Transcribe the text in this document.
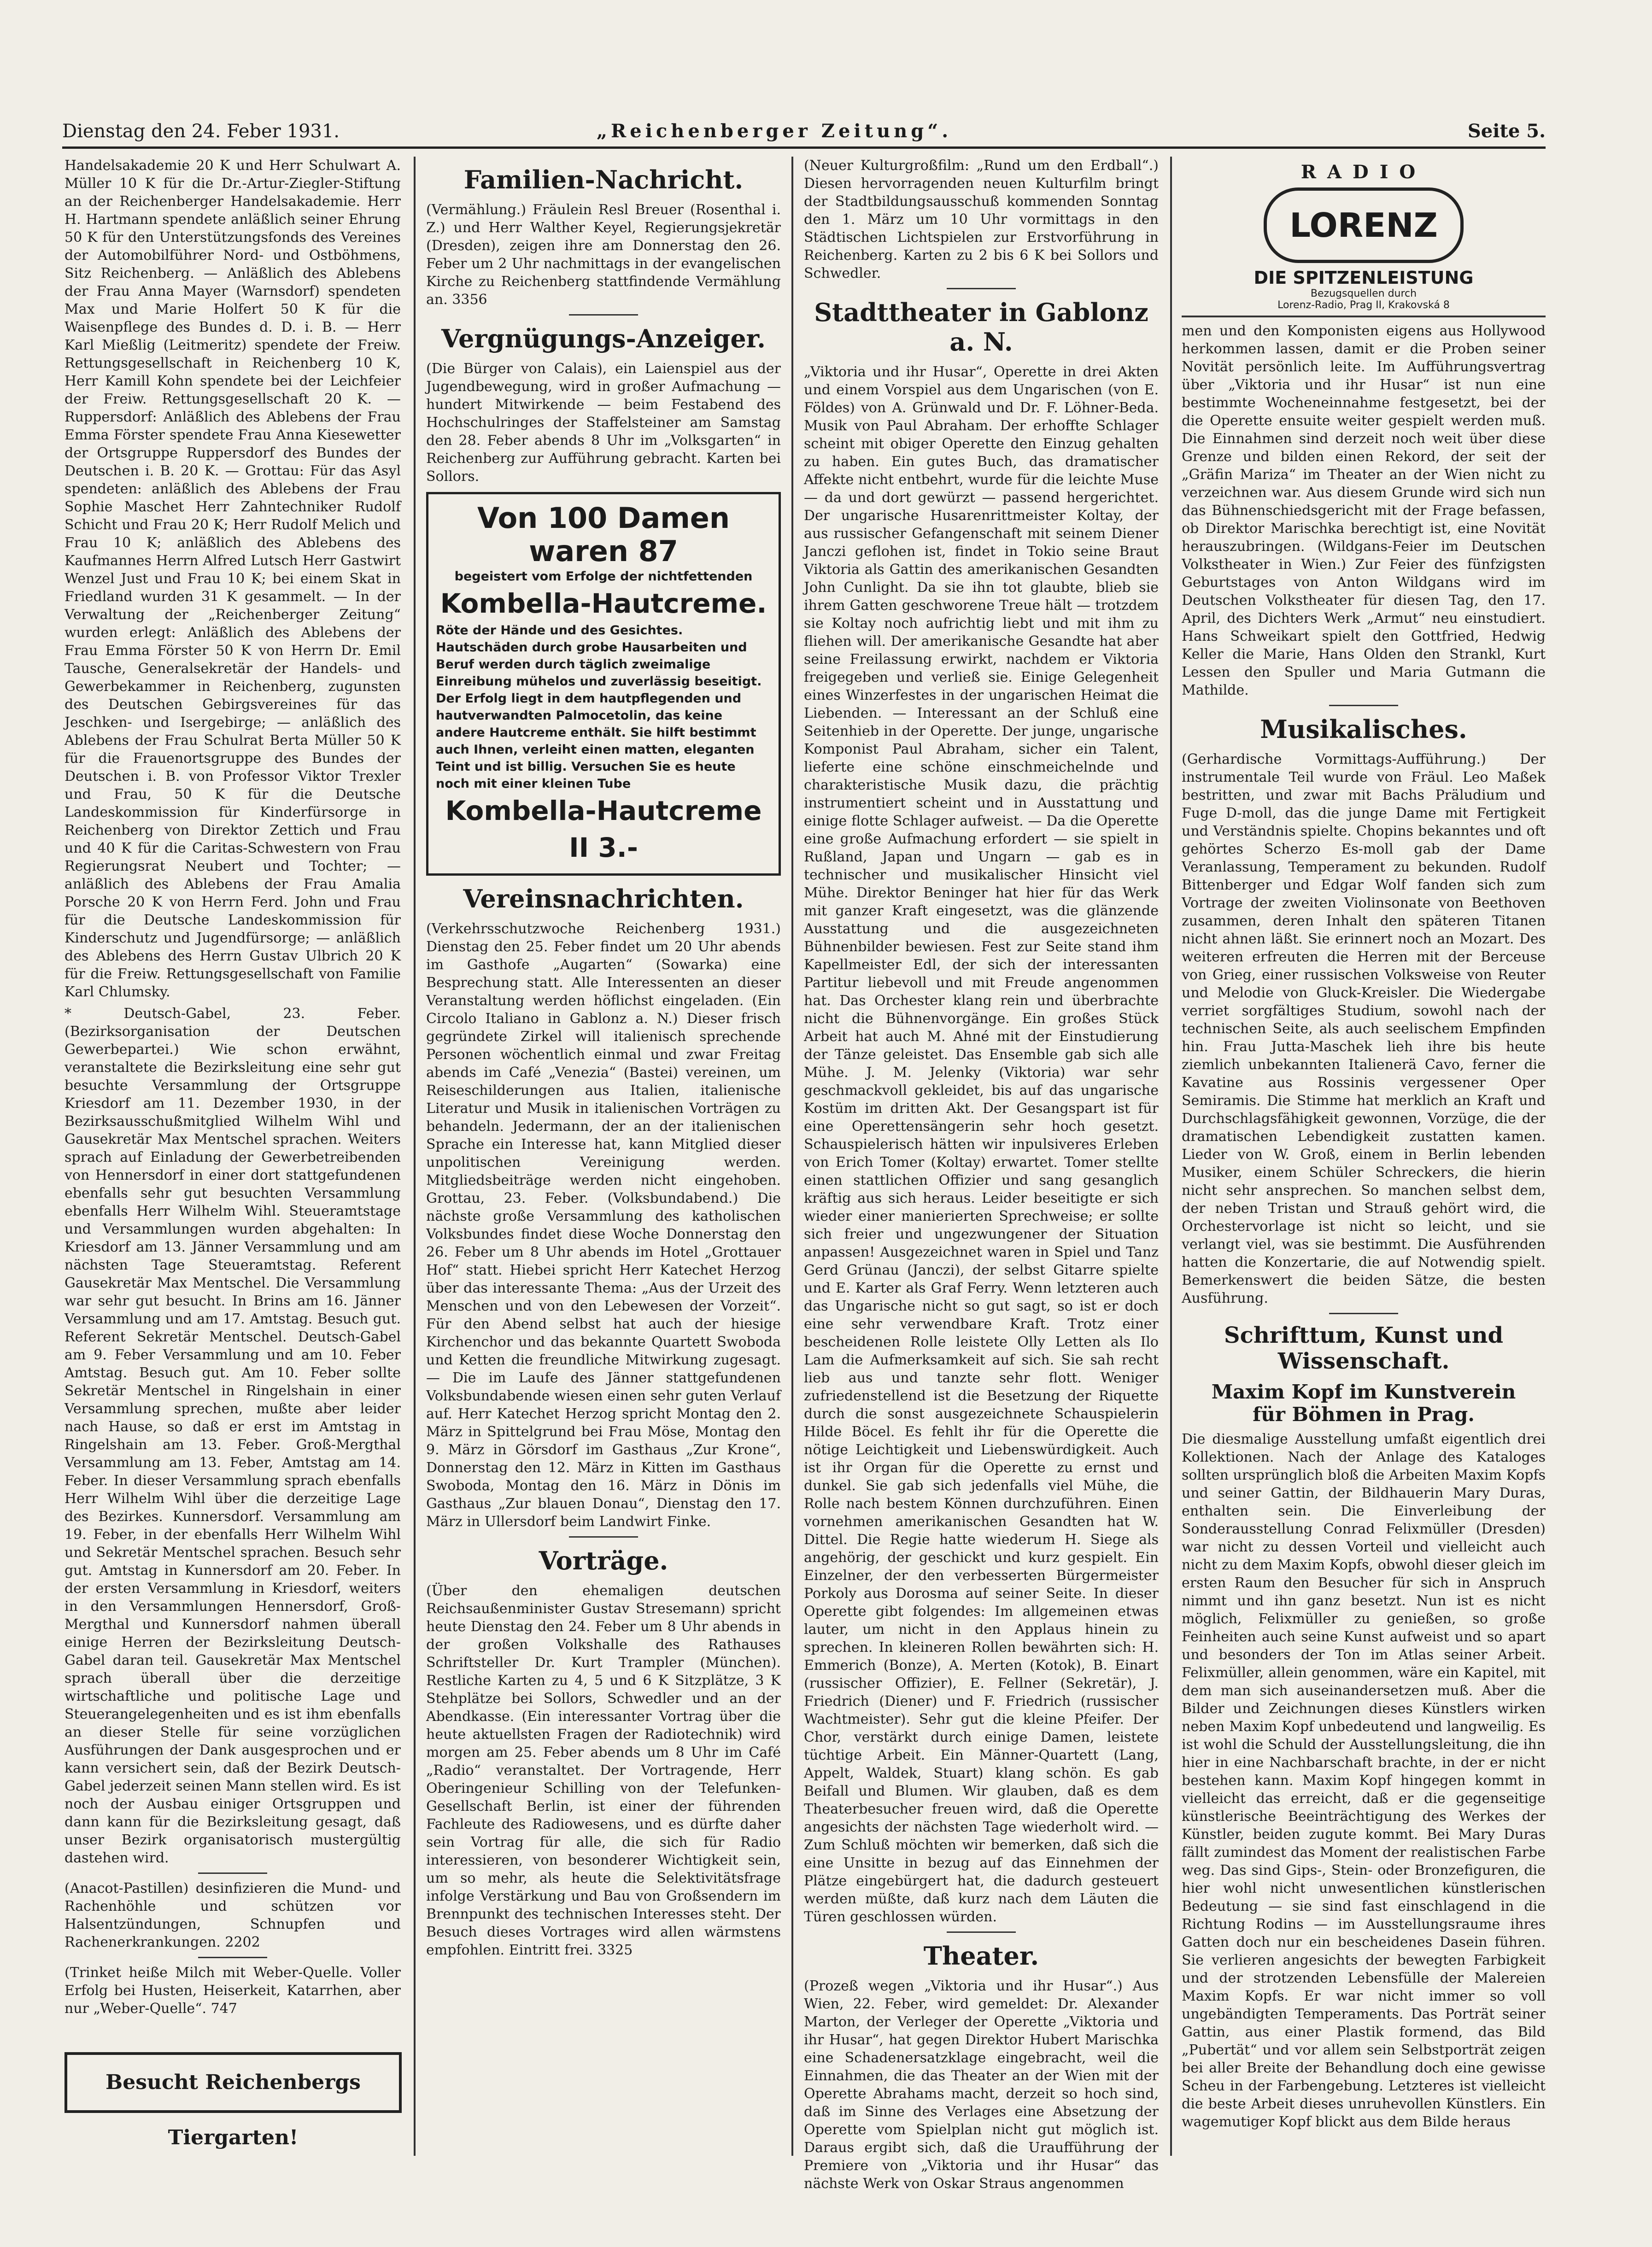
Dienstag den 24. Feber 1931.	„Reichenberger Zeitung“.	Seite 5.

Handelsakademie 20 K und Herr Schulwart A. Müller 10 K für die Dr.-Artur-Ziegler-Stiftung an der Reichenberger Handelsakademie. Herr H. Hartmann spendete anläßlich seiner Ehrung 50 K für den Unterstützungsfonds des Vereines der Automobilführer Nord- und Ostböhmens, Sitz Reichenberg. — Anläßlich des Ablebens der Frau Anna Mayer (Warnsdorf) spendeten Max und Marie Holfert 50 K für die Waisenpflege des Bundes d. D. i. B. — Herr Karl Mießlig (Leitmeritz) spendete der Freiw. Rettungsgesellschaft in Reichenberg 10 K, Herr Kamill Kohn spendete bei der Leichfeier der Freiw. Rettungsgesellschaft 20 K. — Ruppersdorf: Anläßlich des Ablebens der Frau Emma Förster spendete Frau Anna Kiesewetter der Ortsgruppe Ruppersdorf des Bundes der Deutschen i. B. 20 K. — Grottau: Für das Asyl spendeten: anläßlich des Ablebens der Frau Sophie Maschet Herr Zahntechniker Rudolf Schicht und Frau 20 K; Herr Rudolf Melich und Frau 10 K; anläßlich des Ablebens des Kaufmannes Herrn Alfred Lutsch Herr Gastwirt Wenzel Just und Frau 10 K; bei einem Skat in Friedland wurden 31 K gesammelt. — In der Verwaltung der „Reichenberger Zeitung“ wurden erlegt: Anläßlich des Ablebens der Frau Emma Förster 50 K von Herrn Dr. Emil Tausche, Generalsekretär der Handels- und Gewerbekammer in Reichenberg, zugunsten des Deutschen Gebirgsvereines für das Jeschken- und Isergebirge; — anläßlich des Ablebens der Frau Schulrat Berta Müller 50 K für die Frauenortsgruppe des Bundes der Deutschen i. B. von Professor Viktor Trexler und Frau, 50 K für die Deutsche Landeskommission für Kinderfürsorge in Reichenberg von Direktor Zettich und Frau und 40 K für die Caritas-Schwestern von Frau Regierungsrat Neubert und Tochter; — anläßlich des Ablebens der Frau Amalia Porsche 20 K von Herrn Ferd. John und Frau für die Deutsche Landeskommission für Kinderschutz und Jugendfürsorge; — anläßlich des Ablebens des Herrn Gustav Ulbrich 20 K für die Freiw. Rettungsgesellschaft von Familie Karl Chlumsky.

* Deutsch-Gabel, 23. Feber. (Bezirksorganisation der Deutschen Gewerbepartei.) Wie schon erwähnt, veranstaltete die Bezirksleitung eine sehr gut besuchte Versammlung der Ortsgruppe Kriesdorf am 11. Dezember 1930, in der Bezirksausschußmitglied Wilhelm Wihl und Gausekretär Max Mentschel sprachen. Weiters sprach auf Einladung der Gewerbetreibenden von Hennersdorf in einer dort stattgefundenen ebenfalls sehr gut besuchten Versammlung ebenfalls Herr Wilhelm Wihl. Steueramtstage und Versammlungen wurden abgehalten: In Kriesdorf am 13. Jänner Versammlung und am nächsten Tage Steueramtstag. Referent Gausekretär Max Mentschel. Die Versammlung war sehr gut besucht. In Brins am 16. Jänner Versammlung und am 17. Amtstag. Besuch gut. Referent Sekretär Mentschel. Deutsch-Gabel am 9. Feber Versammlung und am 10. Feber Amtstag. Besuch gut. Am 10. Feber sollte Sekretär Mentschel in Ringelshain in einer Versammlung sprechen, mußte aber leider nach Hause, so daß er erst im Amtstag in Ringelshain am 13. Feber. Groß-Mergthal Versammlung am 13. Feber, Amtstag am 14. Feber. In dieser Versammlung sprach ebenfalls Herr Wilhelm Wihl über die derzeitige Lage des Bezirkes. Kunnersdorf. Versammlung am 19. Feber, in der ebenfalls Herr Wilhelm Wihl und Sekretär Mentschel sprachen. Besuch sehr gut. Amtstag in Kunnersdorf am 20. Feber. In der ersten Versammlung in Kriesdorf, weiters in den Versammlungen Hennersdorf, Groß-Mergthal und Kunnersdorf nahmen überall einige Herren der Bezirksleitung Deutsch-Gabel daran teil. Gausekretär Max Mentschel sprach überall über die derzeitige wirtschaftliche und politische Lage und Steuerangelegenheiten und es ist ihm ebenfalls an dieser Stelle für seine vorzüglichen Ausführungen der Dank ausgesprochen und er kann versichert sein, daß der Bezirk Deutsch-Gabel jederzeit seinen Mann stellen wird. Es ist noch der Ausbau einiger Ortsgruppen und dann kann für die Bezirksleitung gesagt, daß unser Bezirk organisatorisch mustergültig dastehen wird.

(Anacot-Pastillen) desinfizieren die Mund- und Rachenhöhle und schützen vor Halsentzündungen, Schnupfen und Rachenerkrankungen. 2202

(Trinket heiße Milch mit Weber-Quelle. Voller Erfolg bei Husten, Heiserkeit, Katarrhen, aber nur „Weber-Quelle“. 747

Besucht Reichenbergs Tiergarten!
Familien-Nachricht.

(Vermählung.) Fräulein Resl Breuer (Rosenthal i. Z.) und Herr Walther Keyel, Regierungsjekretär (Dresden), zeigen ihre am Donnerstag den 26. Feber um 2 Uhr nachmittags in der evangelischen Kirche zu Reichenberg stattfindende Vermählung an. 3356

Vergnügungs-Anzeiger.

(Die Bürger von Calais), ein Laienspiel aus der Jugendbewegung, wird in großer Aufmachung — hundert Mitwirkende — beim Festabend des Hochschulringes der Staffelsteiner am Samstag den 28. Feber abends 8 Uhr im „Volksgarten“ in Reichenberg zur Aufführung gebracht. Karten bei Sollors.

Von 100 Damen waren 87
begeistert vom Erfolge der nichtfettenden
Kombella-Hautcreme.
Röte der Hände und des Gesichtes. Hautschäden durch grobe Hausarbeiten und Beruf werden durch täglich zweimalige Einreibung mühelos und zuverlässig beseitigt. Der Erfolg liegt in dem hautpflegenden und hautverwandten Palmocetolin, das keine andere Hautcreme enthält. Sie hilft bestimmt auch Ihnen, verleiht einen matten, eleganten Teint und ist billig. Versuchen Sie es heute noch mit einer kleinen Tube
Kombella-Hautcreme II 3.-
Vereinsnachrichten.

(Verkehrsschutzwoche Reichenberg 1931.) Dienstag den 25. Feber findet um 20 Uhr abends im Gasthofe „Augarten“ (Sowarka) eine Besprechung statt. Alle Interessenten an dieser Veranstaltung werden höflichst eingeladen. (Ein Circolo Italiano in Gablonz a. N.) Dieser frisch gegründete Zirkel will italienisch sprechende Personen wöchentlich einmal und zwar Freitag abends im Café „Venezia“ (Bastei) vereinen, um Reiseschilderungen aus Italien, italienische Literatur und Musik in italienischen Vorträgen zu behandeln. Jedermann, der an der italienischen Sprache ein Interesse hat, kann Mitglied dieser unpolitischen Vereinigung werden. Mitgliedsbeiträge werden nicht eingehoben. Grottau, 23. Feber. (Volksbundabend.) Die nächste große Versammlung des katholischen Volksbundes findet diese Woche Donnerstag den 26. Feber um 8 Uhr abends im Hotel „Grottauer Hof“ statt. Hiebei spricht Herr Katechet Herzog über das interessante Thema: „Aus der Urzeit des Menschen und von den Lebewesen der Vorzeit“. Für den Abend selbst hat auch der hiesige Kirchenchor und das bekannte Quartett Swoboda und Ketten die freundliche Mitwirkung zugesagt. — Die im Laufe des Jänner stattgefundenen Volksbundabende wiesen einen sehr guten Verlauf auf. Herr Katechet Herzog spricht Montag den 2. März in Spittelgrund bei Frau Möse, Montag den 9. März in Görsdorf im Gasthaus „Zur Krone“, Donnerstag den 12. März in Kitten im Gasthaus Swoboda, Montag den 16. März in Dönis im Gasthaus „Zur blauen Donau“, Dienstag den 17. März in Ullersdorf beim Landwirt Finke.

Vorträge.

(Über den ehemaligen deutschen Reichsaußenminister Gustav Stresemann) spricht heute Dienstag den 24. Feber um 8 Uhr abends in der großen Volkshalle des Rathauses Schriftsteller Dr. Kurt Trampler (München). Restliche Karten zu 4, 5 und 6 K Sitzplätze, 3 K Stehplätze bei Sollors, Schwedler und an der Abendkasse. (Ein interessanter Vortrag über die heute aktuellsten Fragen der Radiotechnik) wird morgen am 25. Feber abends um 8 Uhr im Café „Radio“ veranstaltet. Der Vortragende, Herr Oberingenieur Schilling von der Telefunken-Gesellschaft Berlin, ist einer der führenden Fachleute des Radiowesens, und es dürfte daher sein Vortrag für alle, die sich für Radio interessieren, von besonderer Wichtigkeit sein, um so mehr, als heute die Selektivitätsfrage infolge Verstärkung und Bau von Großsendern im Brennpunkt des technischen Interesses steht. Der Besuch dieses Vortrages wird allen wärmstens empfohlen. Eintritt frei. 3325

(Neuer Kulturgroßfilm: „Rund um den Erdball“.) Diesen hervorragenden neuen Kulturfilm bringt der Stadtbildungsausschuß kommenden Sonntag den 1. März um 10 Uhr vormittags in den Städtischen Lichtspielen zur Erstvorführung in Reichenberg. Karten zu 2 bis 6 K bei Sollors und Schwedler.

Stadttheater in Gablonz a. N.

„Viktoria und ihr Husar“, Operette in drei Akten und einem Vorspiel aus dem Ungarischen (von E. Földes) von A. Grünwald und Dr. F. Löhner-Beda. Musik von Paul Abraham. Der erhoffte Schlager scheint mit obiger Operette den Einzug gehalten zu haben. Ein gutes Buch, das dramatischer Affekte nicht entbehrt, wurde für die leichte Muse — da und dort gewürzt — passend hergerichtet. Der ungarische Husarenrittmeister Koltay, der aus russischer Gefangenschaft mit seinem Diener Janczi geflohen ist, findet in Tokio seine Braut Viktoria als Gattin des amerikanischen Gesandten John Cunlight. Da sie ihn tot glaubte, blieb sie ihrem Gatten geschworene Treue hält — trotzdem sie Koltay noch aufrichtig liebt und mit ihm zu fliehen will. Der amerikanische Gesandte hat aber seine Freilassung erwirkt, nachdem er Viktoria freigegeben und verließ sie. Einige Gelegenheit eines Winzerfestes in der ungarischen Heimat die Liebenden. — Interessant an der Schluß eine Seitenhieb in der Operette. Der junge, ungarische Komponist Paul Abraham, sicher ein Talent, lieferte eine schöne einschmeichelnde und charakteristische Musik dazu, die prächtig instrumentiert scheint und in Ausstattung und einige flotte Schlager aufweist. — Da die Operette eine große Aufmachung erfordert — sie spielt in Rußland, Japan und Ungarn — gab es in technischer und musikalischer Hinsicht viel Mühe. Direktor Beninger hat hier für das Werk mit ganzer Kraft eingesetzt, was die glänzende Ausstattung und die ausgezeichneten Bühnenbilder bewiesen. Fest zur Seite stand ihm Kapellmeister Edl, der sich der interessanten Partitur liebevoll und mit Freude angenommen hat. Das Orchester klang rein und überbrachte nicht die Bühnenvorgänge. Ein großes Stück Arbeit hat auch M. Ahné mit der Einstudierung der Tänze geleistet. Das Ensemble gab sich alle Mühe. J. M. Jelenky (Viktoria) war sehr geschmackvoll gekleidet, bis auf das ungarische Kostüm im dritten Akt. Der Gesangspart ist für eine Operettensängerin sehr hoch gesetzt. Schauspielerisch hätten wir inpulsiveres Erleben von Erich Tomer (Koltay) erwartet. Tomer stellte einen stattlichen Offizier und sang gesanglich kräftig aus sich heraus. Leider beseitigte er sich wieder einer manierierten Sprechweise; er sollte sich freier und ungezwungener der Situation anpassen! Ausgezeichnet waren in Spiel und Tanz Gerd Grünau (Janczi), der selbst Gitarre spielte und E. Karter als Graf Ferry. Wenn letzteren auch das Ungarische nicht so gut sagt, so ist er doch eine sehr verwendbare Kraft. Trotz einer bescheidenen Rolle leistete Olly Letten als Ilo Lam die Aufmerksamkeit auf sich. Sie sah recht lieb aus und tanzte sehr flott. Weniger zufriedenstellend ist die Besetzung der Riquette durch die sonst ausgezeichnete Schauspielerin Hilde Böcel. Es fehlt ihr für die Operette die nötige Leichtigkeit und Liebenswürdigkeit. Auch ist ihr Organ für die Operette zu ernst und dunkel. Sie gab sich jedenfalls viel Mühe, die Rolle nach bestem Können durchzuführen. Einen vornehmen amerikanischen Gesandten hat W. Dittel. Die Regie hatte wiederum H. Siege als angehörig, der geschickt und kurz gespielt. Ein Einzelner, der den verbesserten Bürgermeister Porkoly aus Dorosma auf seiner Seite. In dieser Operette gibt folgendes: Im allgemeinen etwas lauter, um nicht in den Applaus hinein zu sprechen. In kleineren Rollen bewährten sich: H. Emmerich (Bonze), A. Merten (Kotok), B. Einart (russischer Offizier), E. Fellner (Sekretär), J. Friedrich (Diener) und F. Friedrich (russischer Wachtmeister). Sehr gut die kleine Pfeifer. Der Chor, verstärkt durch einige Damen, leistete tüchtige Arbeit. Ein Männer-Quartett (Lang, Appelt, Waldek, Stuart) klang schön. Es gab Beifall und Blumen. Wir glauben, daß es dem Theaterbesucher freuen wird, daß die Operette angesichts der nächsten Tage wiederholt wird. — Zum Schluß möchten wir bemerken, daß sich die eine Unsitte in bezug auf das Einnehmen der Plätze eingebürgert hat, die dadurch gesteuert werden müßte, daß kurz nach dem Läuten die Türen geschlossen würden.

Theater.

(Prozeß wegen „Viktoria und ihr Husar“.) Aus Wien, 22. Feber, wird gemeldet: Dr. Alexander Marton, der Verleger der Operette „Viktoria und ihr Husar“, hat gegen Direktor Hubert Marischka eine Schadenersatzklage eingebracht, weil die Einnahmen, die das Theater an der Wien mit der Operette Abrahams macht, derzeit so hoch sind, daß im Sinne des Verlages eine Absetzung der Operette vom Spielplan nicht gut möglich ist. Daraus ergibt sich, daß die Uraufführung der Premiere von „Viktoria und ihr Husar“ das nächste Werk von Oskar Straus angenommen

RADIO
LORENZ
DIE SPITZENLEISTUNG
Bezugsquellen durch
Lorenz-Radio, Prag II, Krakovská 8

men und den Komponisten eigens aus Hollywood herkommen lassen, damit er die Proben seiner Novität persönlich leite. Im Aufführungsvertrag über „Viktoria und ihr Husar“ ist nun eine bestimmte Wocheneinnahme festgesetzt, bei der die Operette ensuite weiter gespielt werden muß. Die Einnahmen sind derzeit noch weit über diese Grenze und bilden einen Rekord, der seit der „Gräfin Mariza“ im Theater an der Wien nicht zu verzeichnen war. Aus diesem Grunde wird sich nun das Bühnenschiedsgericht mit der Frage befassen, ob Direktor Marischka berechtigt ist, eine Novität herauszubringen. (Wildgans-Feier im Deutschen Volkstheater in Wien.) Zur Feier des fünfzigsten Geburtstages von Anton Wildgans wird im Deutschen Volkstheater für diesen Tag, den 17. April, des Dichters Werk „Armut“ neu einstudiert. Hans Schweikart spielt den Gottfried, Hedwig Keller die Marie, Hans Olden den Strankl, Kurt Lessen den Spuller und Maria Gutmann die Mathilde.

Musikalisches.

(Gerhardische Vormittags-Aufführung.) Der instrumentale Teil wurde von Fräul. Leo Maßek bestritten, und zwar mit Bachs Präludium und Fuge D-moll, das die junge Dame mit Fertigkeit und Verständnis spielte. Chopins bekanntes und oft gehörtes Scherzo Es-moll gab der Dame Veranlassung, Temperament zu bekunden. Rudolf Bittenberger und Edgar Wolf fanden sich zum Vortrage der zweiten Violinsonate von Beethoven zusammen, deren Inhalt den späteren Titanen nicht ahnen läßt. Sie erinnert noch an Mozart. Des weiteren erfreuten die Herren mit der Berceuse von Grieg, einer russischen Volksweise von Reuter und Melodie von Gluck-Kreisler. Die Wiedergabe verriet sorgfältiges Studium, sowohl nach der technischen Seite, als auch seelischem Empfinden hin. Frau Jutta-Maschek lieh ihre bis heute ziemlich unbekannten Italienerä Cavo, ferner die Kavatine aus Rossinis vergessener Oper Semiramis. Die Stimme hat merklich an Kraft und Durchschlagsfähigkeit gewonnen, Vorzüge, die der dramatischen Lebendigkeit zustatten kamen. Lieder von W. Groß, einem in Berlin lebenden Musiker, einem Schüler Schreckers, die hierin nicht sehr ansprechen. So manchen selbst dem, der neben Tristan und Strauß gehört wird, die Orchestervorlage ist nicht so leicht, und sie verlangt viel, was sie bestimmt. Die Ausführenden hatten die Konzertarie, die auf Notwendig spielt. Bemerkenswert die beiden Sätze, die besten Ausführung.

Schrifttum, Kunst und Wissenschaft.
Maxim Kopf im Kunstverein
für Böhmen in Prag.

Die diesmalige Ausstellung umfaßt eigentlich drei Kollektionen. Nach der Anlage des Kataloges sollten ursprünglich bloß die Arbeiten Maxim Kopfs und seiner Gattin, der Bildhauerin Mary Duras, enthalten sein. Die Einverleibung der Sonderausstellung Conrad Felixmüller (Dresden) war nicht zu dessen Vorteil und vielleicht auch nicht zu dem Maxim Kopfs, obwohl dieser gleich im ersten Raum den Besucher für sich in Anspruch nimmt und ihn ganz besetzt. Nun ist es nicht möglich, Felixmüller zu genießen, so große Feinheiten auch seine Kunst aufweist und so apart und besonders der Ton im Atlas seiner Arbeit. Felixmüller, allein genommen, wäre ein Kapitel, mit dem man sich auseinandersetzen muß. Aber die Bilder und Zeichnungen dieses Künstlers wirken neben Maxim Kopf unbedeutend und langweilig. Es ist wohl die Schuld der Ausstellungsleitung, die ihn hier in eine Nachbarschaft brachte, in der er nicht bestehen kann. Maxim Kopf hingegen kommt in vielleicht das erreicht, daß er die gegenseitige künstlerische Beeinträchtigung des Werkes der Künstler, beiden zugute kommt. Bei Mary Duras fällt zumindest das Moment der realistischen Farbe weg. Das sind Gips-, Stein- oder Bronzefiguren, die hier wohl nicht unwesentlichen künstlerischen Bedeutung — sie sind fast einschlagend in die Richtung Rodins — im Ausstellungsraume ihres Gatten doch nur ein bescheidenes Dasein führen. Sie verlieren angesichts der bewegten Farbigkeit und der strotzenden Lebensfülle der Malereien Maxim Kopfs. Er war nicht immer so voll ungebändigten Temperaments. Das Porträt seiner Gattin, aus einer Plastik formend, das Bild „Pubertät“ und vor allem sein Selbstporträt zeigen bei aller Breite der Behandlung doch eine gewisse Scheu in der Farbengebung. Letzteres ist vielleicht die beste Arbeit dieses unruhevollen Künstlers. Ein wagemutiger Kopf blickt aus dem Bilde heraus
